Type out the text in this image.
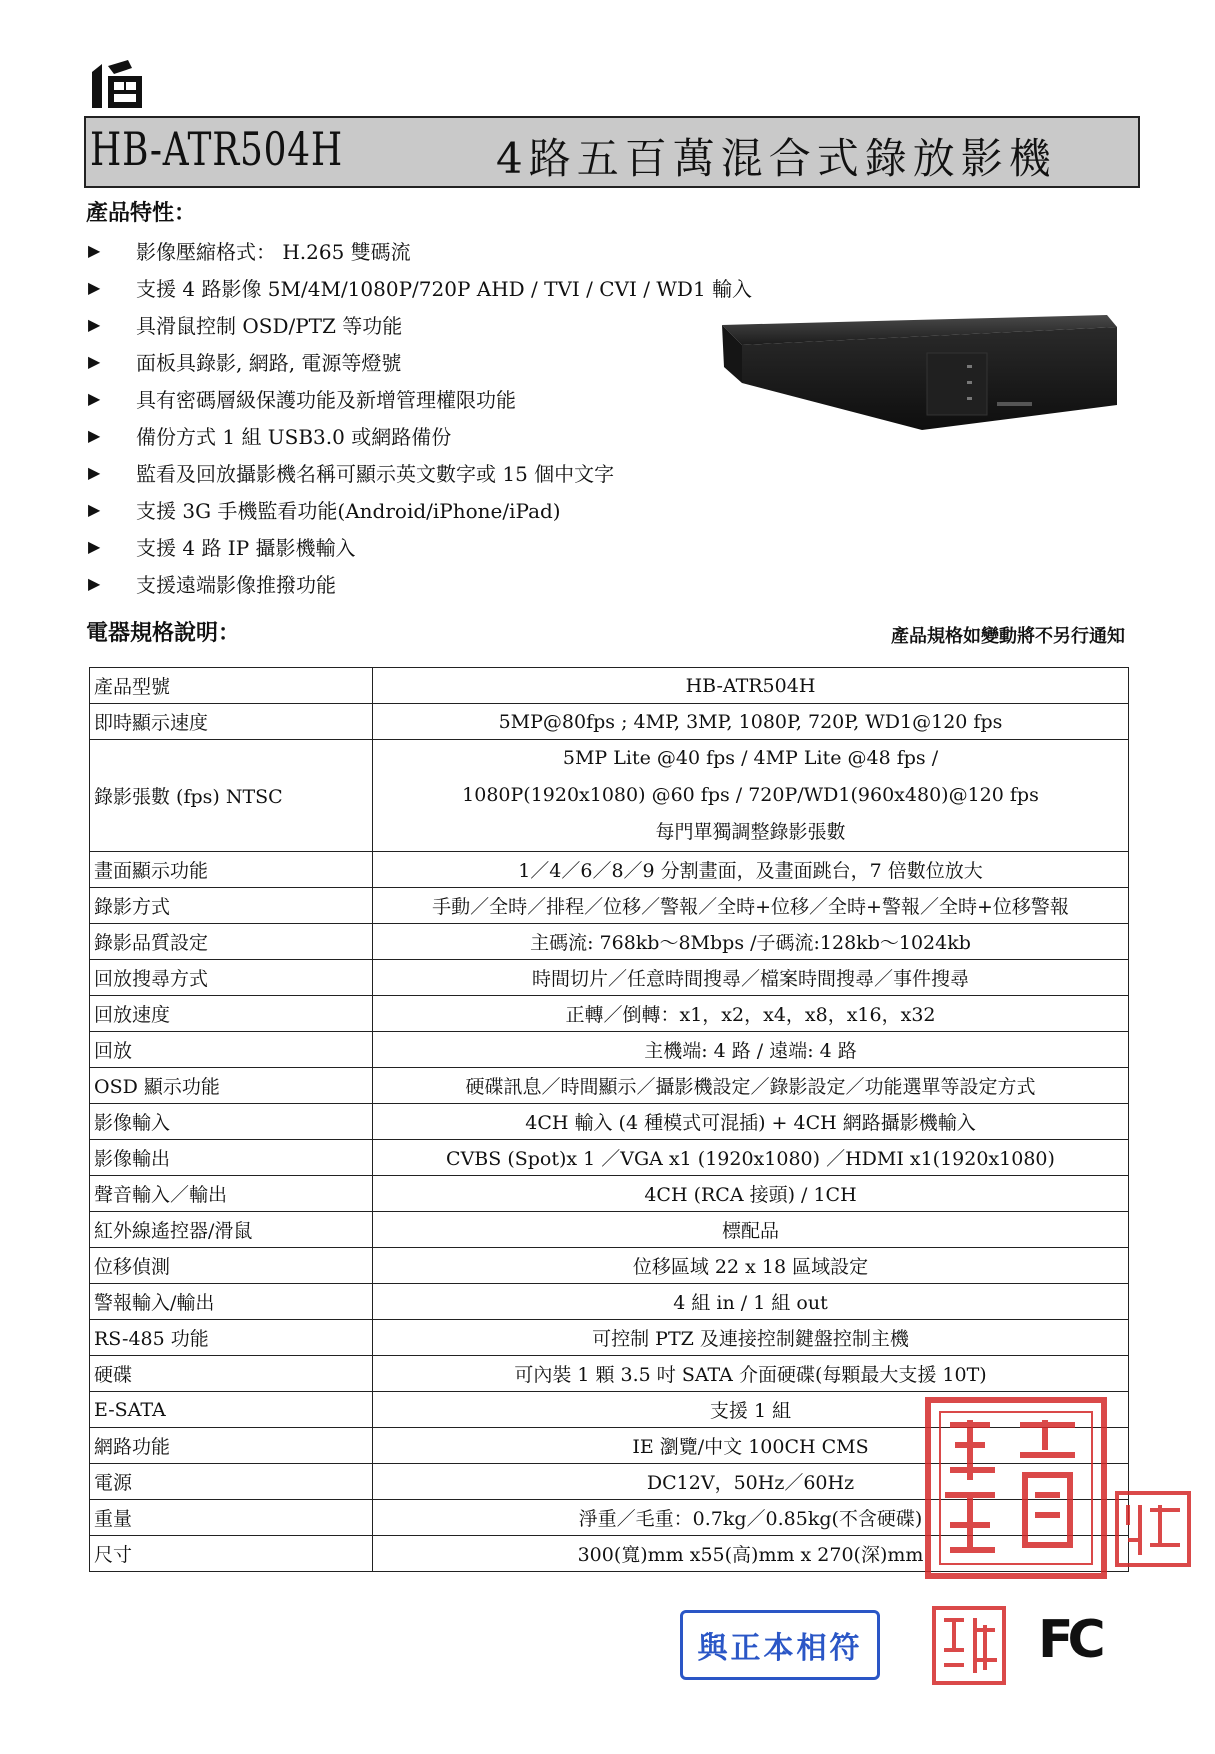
HB-ATR504H	4路五百萬混合式錄放影機
產品特性：
▶	影像壓縮格式： H.265 雙碼流
▶	支援 4 路影像 5M/4M/1080P/720P AHD / TVI / CVI / WD1 輸入
▶	具滑鼠控制 OSD/PTZ 等功能
▶	面板具錄影, 網路, 電源等燈號
▶	具有密碼層級保護功能及新增管理權限功能
▶	備份方式 1 組 USB3.0 或網路備份
▶	監看及回放攝影機名稱可顯示英文數字或 15 個中文字
▶	支援 3G 手機監看功能(Android/iPhone/iPad)
▶	支援 4 路 IP 攝影機輸入
▶	支援遠端影像推撥功能
電器規格說明：	產品規格如變動將不另行通知
產品型號	HB-ATR504H
即時顯示速度	5MP@80fps ; 4MP, 3MP, 1080P, 720P, WD1@120 fps
錄影張數 (fps) NTSC	5MP Lite @40 fps / 4MP Lite @48 fps /
1080P(1920x1080) @60 fps / 720P/WD1(960x480)@120 fps
每門單獨調整錄影張數

畫面顯示功能	1／4／6／8／9 分割畫面，及畫面跳台，7 倍數位放大
錄影方式	手動／全時／排程／位移／警報／全時+位移／全時+警報／全時+位移警報
錄影品質設定	主碼流: 768kb～8Mbps /子碼流:128kb～1024kb
回放搜尋方式	時間切片／任意時間搜尋／檔案時間搜尋／事件搜尋
回放速度	正轉／倒轉：x1，x2，x4，x8，x16，x32
回放	主機端: 4 路 / 遠端: 4 路
OSD 顯示功能	硬碟訊息／時間顯示／攝影機設定／錄影設定／功能選單等設定方式
影像輸入	4CH 輸入 (4 種模式可混插) + 4CH 網路攝影機輸入
影像輸出	CVBS (Spot)x 1 ／VGA x1 (1920x1080) ／HDMI x1(1920x1080)
聲音輸入／輸出	4CH (RCA 接頭) / 1CH
紅外線遙控器/滑鼠	標配品
位移偵測	位移區域 22 x 18 區域設定
警報輸入/輸出	4 組 in / 1 組 out
RS-485 功能	可控制 PTZ 及連接控制鍵盤控制主機
硬碟	可內裝 1 顆 3.5 吋 SATA 介面硬碟(每顆最大支援 10T)
E-SATA	支援 1 組
網路功能	IE 瀏覽/中文 100CH CMS
電源	DC12V，50Hz／60Hz
重量	淨重／毛重：0.7kg／0.85kg(不含硬碟)
尺寸	300(寬)mm x55(高)mm x 270(深)mm
與正本相符	FC
